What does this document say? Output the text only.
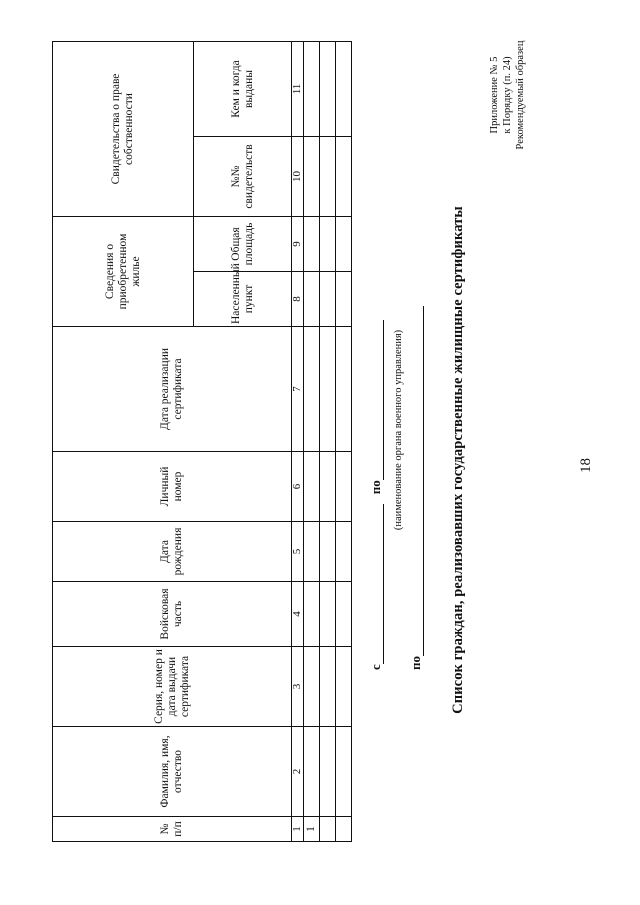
18
Приложение № 5 к Порядку (п. 24) Рекомендуемый образец
Список граждан, реализовавших государственные жилищные сертификаты
по
(наименование органа военного управления)
спо
№ п/п	Фамилия, имя, отчество	Серия, номер и дата выдачи сертификата	Войсковая часть	Дата рождения	Личный номер	Дата реализации сертификата	Сведения о приобретенном жилье		Свидетельства о праве собственности	
							Населенный пункт	Общая площадь	№№ свидетельств	Кем и когда выданы
1	2	3	4	5	6	7	8	9	10	11
1										
